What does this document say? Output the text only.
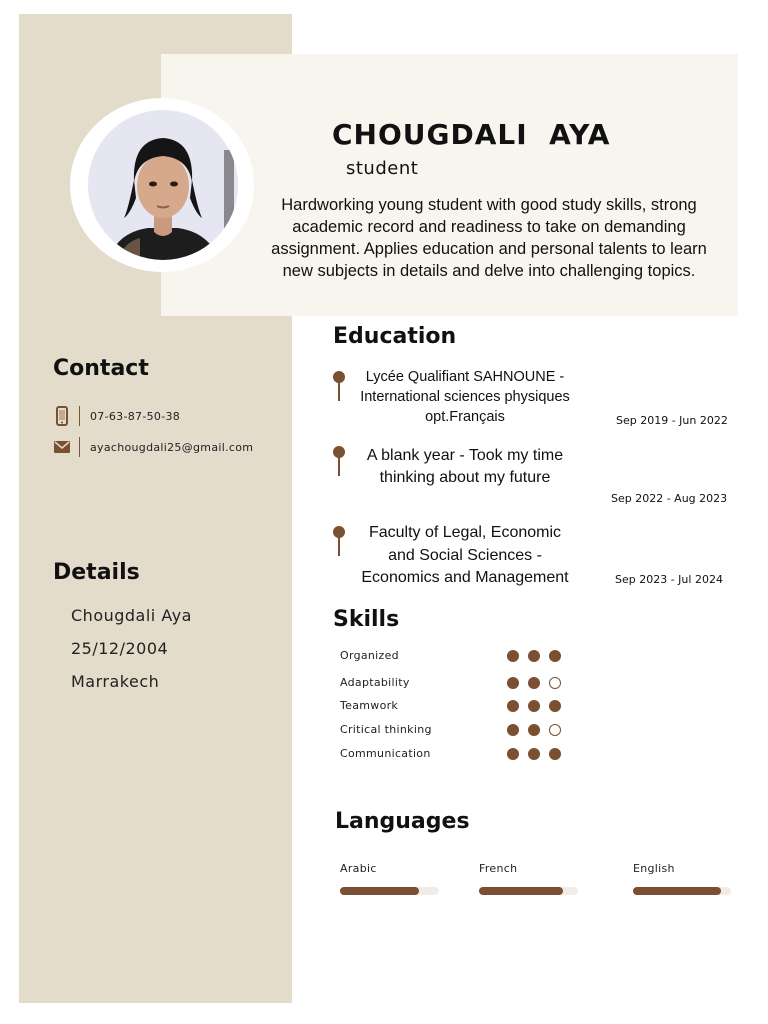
CHOUGDALI  AYA
student
Hardworking young student with good study skills, strong academic record and readiness to take on demanding assignment. Applies education and personal talents to learn new subjects in details and delve into challenging topics.
Contact
07-63-87-50-38
ayachougdali25@gmail.com
Details
Chougdali Aya
25/12/2004
Marrakech
Education
Lycée Qualifiant SAHNOUNE - International sciences physiques opt.Français	Sep 2019 - Jun 2022
A blank year - Took my time thinking about my future
Sep 2022 - Aug 2023
Faculty of Legal, Economic and Social Sciences - Economics and Management	Sep 2023 - Jul 2024
Skills
Organized
Adaptability
Teamwork
Critical thinking
Communication
Languages
Arabic	French	English
